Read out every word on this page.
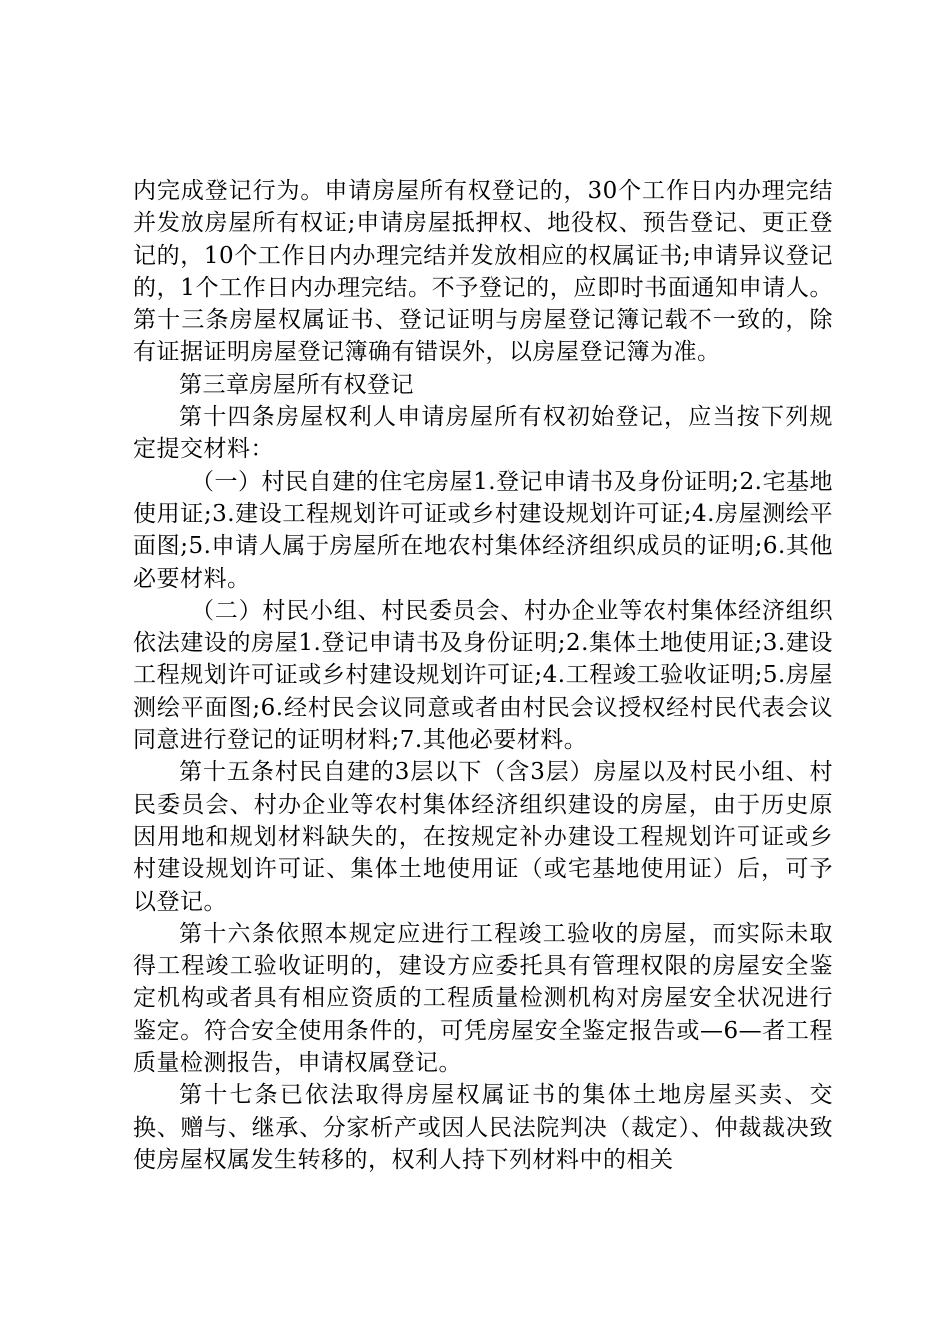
内完成登记行为。申请房屋所有权登记的，30个工作日内办理完结并发放房屋所有权证;申请房屋抵押权、地役权、预告登记、更正登记的，10个工作日内办理完结并发放相应的权属证书;申请异议登记的，1个工作日内办理完结。不予登记的，应即时书面通知申请人。第十三条房屋权属证书、登记证明与房屋登记簿记载不一致的，除有证据证明房屋登记簿确有错误外，以房屋登记簿为准。

第三章房屋所有权登记

第十四条房屋权利人申请房屋所有权初始登记，应当按下列规定提交材料：

（一）村民自建的住宅房屋1.登记申请书及身份证明;2.宅基地使用证;3.建设工程规划许可证或乡村建设规划许可证;4.房屋测绘平面图;5.申请人属于房屋所在地农村集体经济组织成员的证明;6.其他必要材料。

（二）村民小组、村民委员会、村办企业等农村集体经济组织依法建设的房屋1.登记申请书及身份证明;2.集体土地使用证;3.建设工程规划许可证或乡村建设规划许可证;4.工程竣工验收证明;5.房屋测绘平面图;6.经村民会议同意或者由村民会议授权经村民代表会议同意进行登记的证明材料;7.其他必要材料。

第十五条村民自建的3层以下（含3层）房屋以及村民小组、村民委员会、村办企业等农村集体经济组织建设的房屋，由于历史原因用地和规划材料缺失的，在按规定补办建设工程规划许可证或乡村建设规划许可证、集体土地使用证（或宅基地使用证）后，可予以登记。

第十六条依照本规定应进行工程竣工验收的房屋，而实际未取得工程竣工验收证明的，建设方应委托具有管理权限的房屋安全鉴定机构或者具有相应资质的工程质量检测机构对房屋安全状况进行鉴定。符合安全使用条件的，可凭房屋安全鉴定报告或—6—者工程质量检测报告，申请权属登记。

第十七条已依法取得房屋权属证书的集体土地房屋买卖、交换、赠与、继承、分家析产或因人民法院判决（裁定）、仲裁裁决致使房屋权属发生转移的，权利人持下列材料中的相关
